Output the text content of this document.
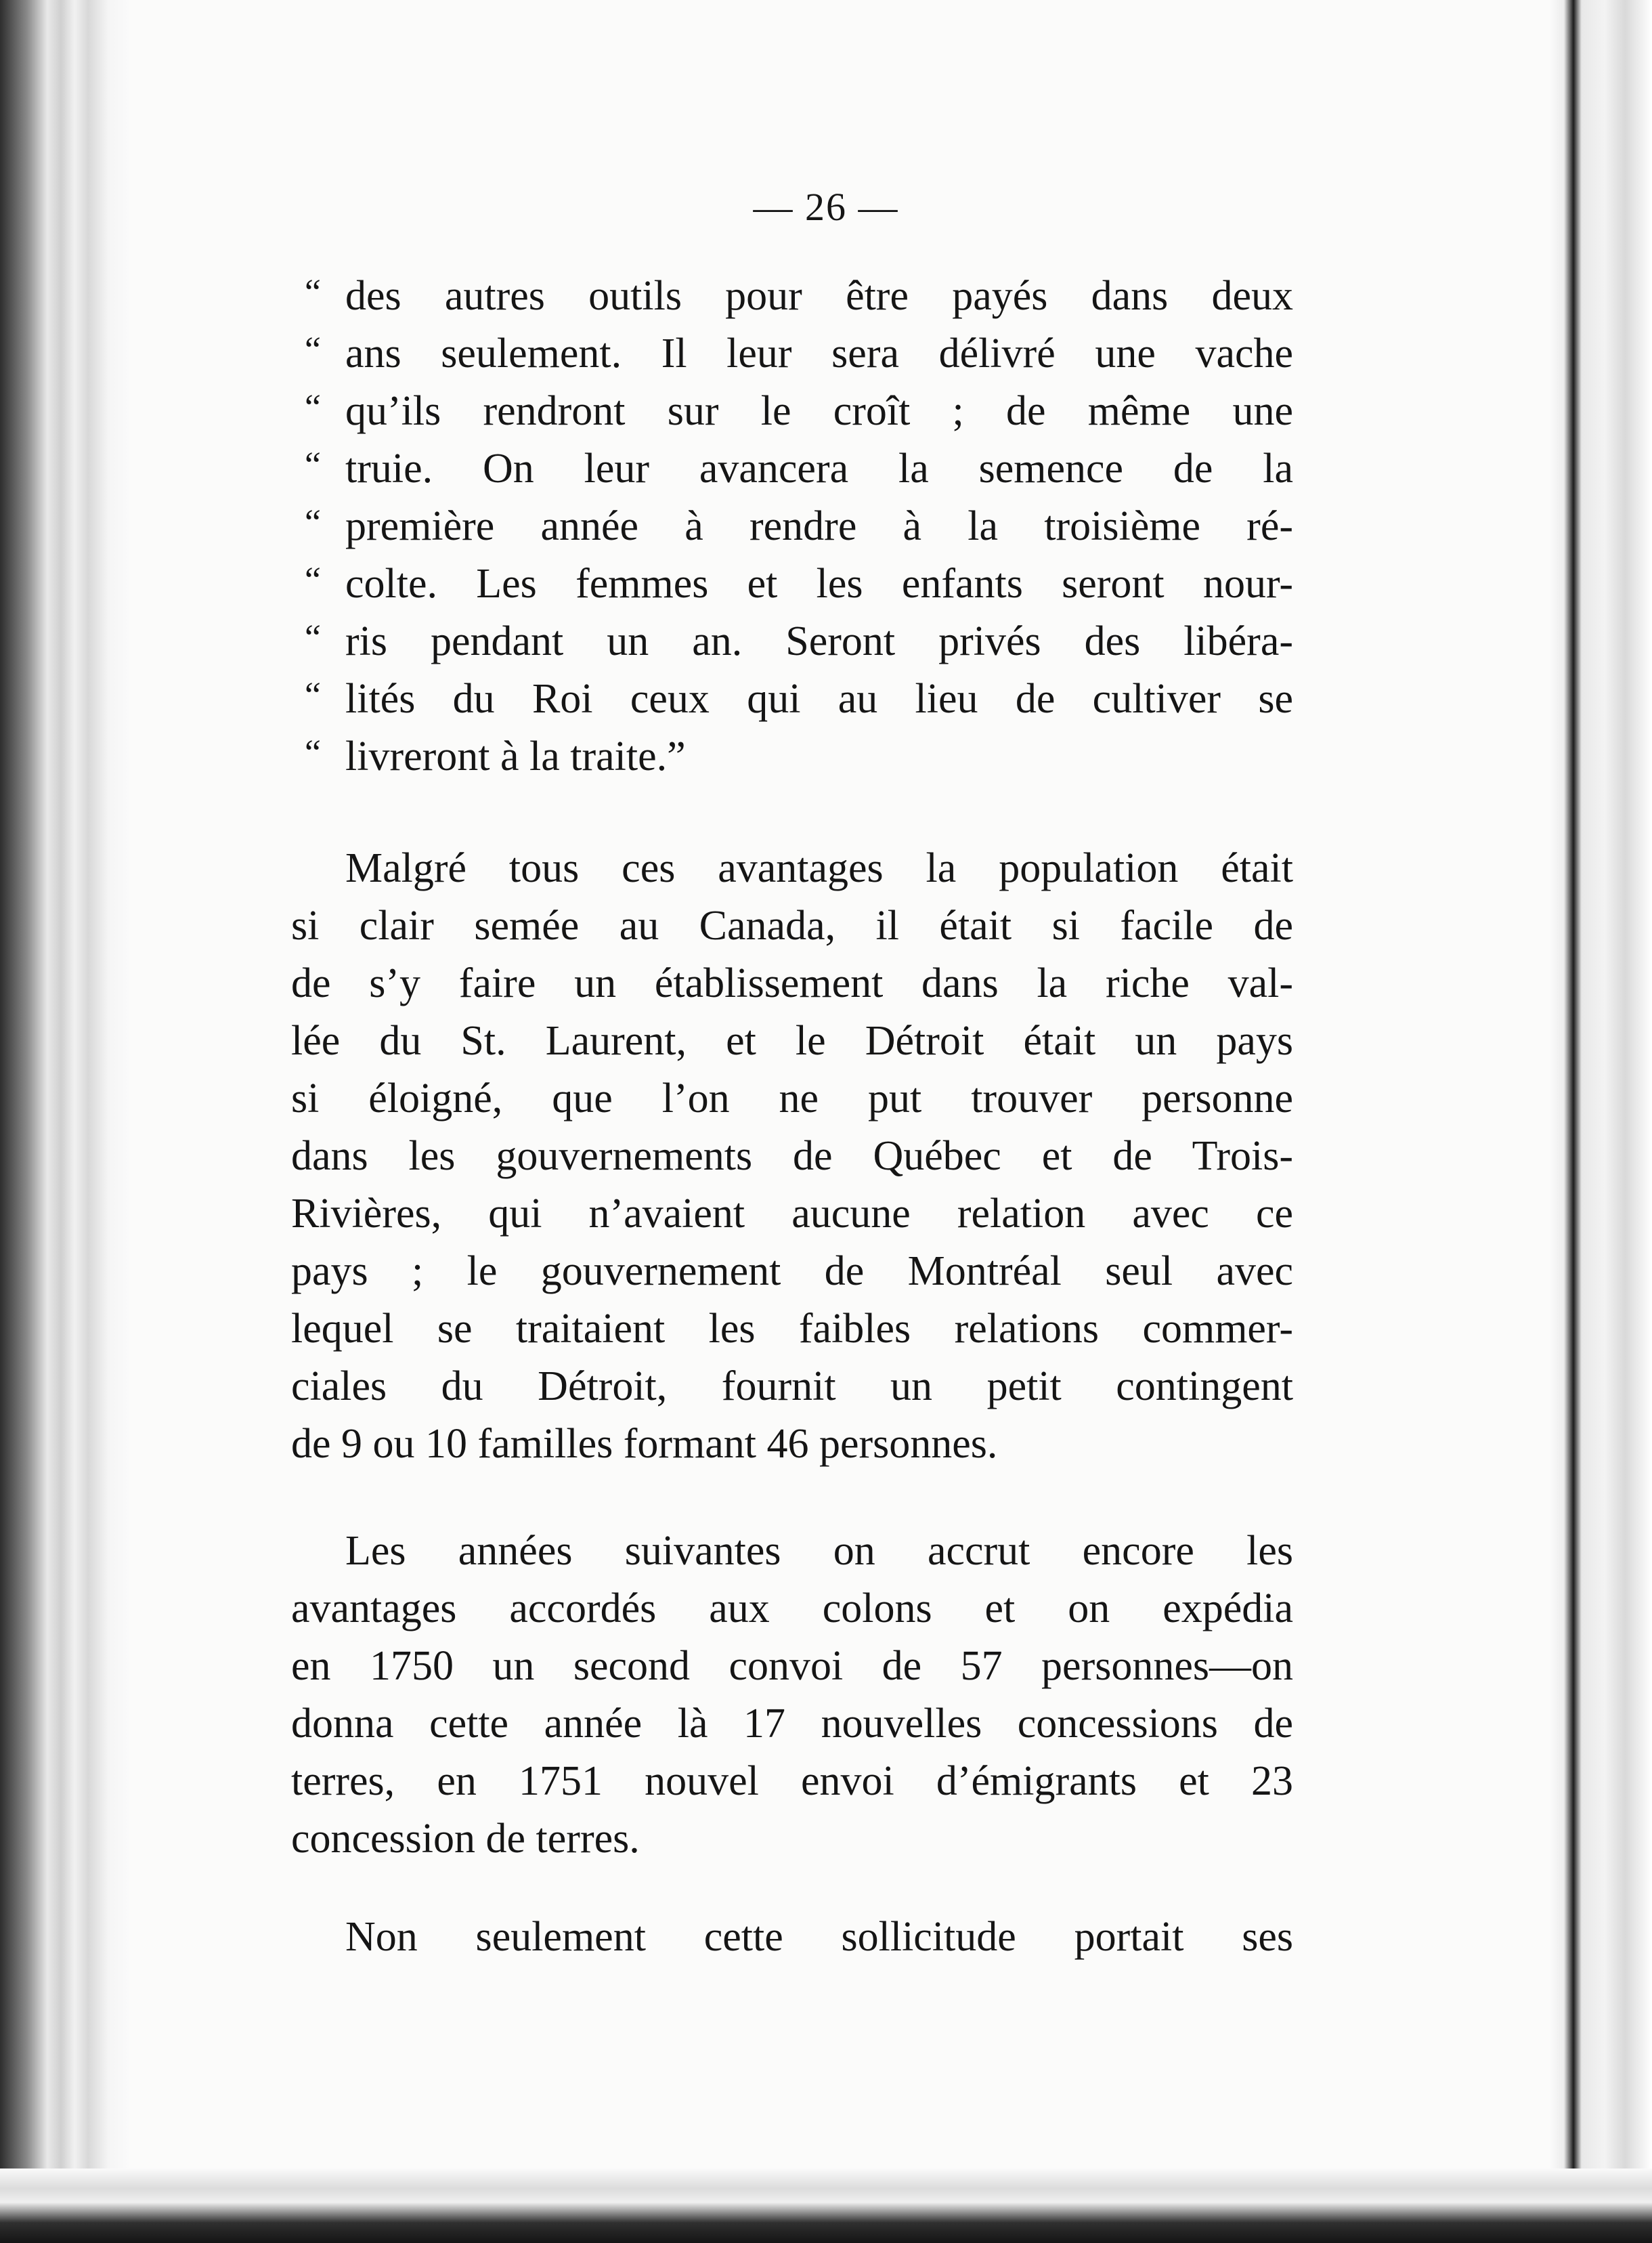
— 26 —
“ des autres outils pour être payés dans deux
“ ans seulement. Il leur sera délivré une vache
“ qu’ils rendront sur le croît ; de même une
“ truie. On leur avancera la semence de la
“ première année à rendre à la troisième ré-
“ colte. Les femmes et les enfants seront nour-
“ ris pendant un an. Seront privés des libéra-
“ lités du Roi ceux qui au lieu de cultiver se
“ livreront à la traite.”
Malgré tous ces avantages la population était
si clair semée au Canada, il était si facile de
de s’y faire un établissement dans la riche val-
lée du St. Laurent, et le Détroit était un pays
si éloigné, que l’on ne put trouver personne
dans les gouvernements de Québec et de Trois-
Rivières, qui n’avaient aucune relation avec ce
pays ; le gouvernement de Montréal seul avec
lequel se traitaient les faibles relations commer-
ciales du Détroit, fournit un petit contingent
de 9 ou 10 familles formant 46 personnes.
Les années suivantes on accrut encore les
avantages accordés aux colons et on expédia
en 1750 un second convoi de 57 personnes—on
donna cette année là 17 nouvelles concessions de
terres, en 1751 nouvel envoi d’émigrants et 23
concession de terres.
Non seulement cette sollicitude portait ses
